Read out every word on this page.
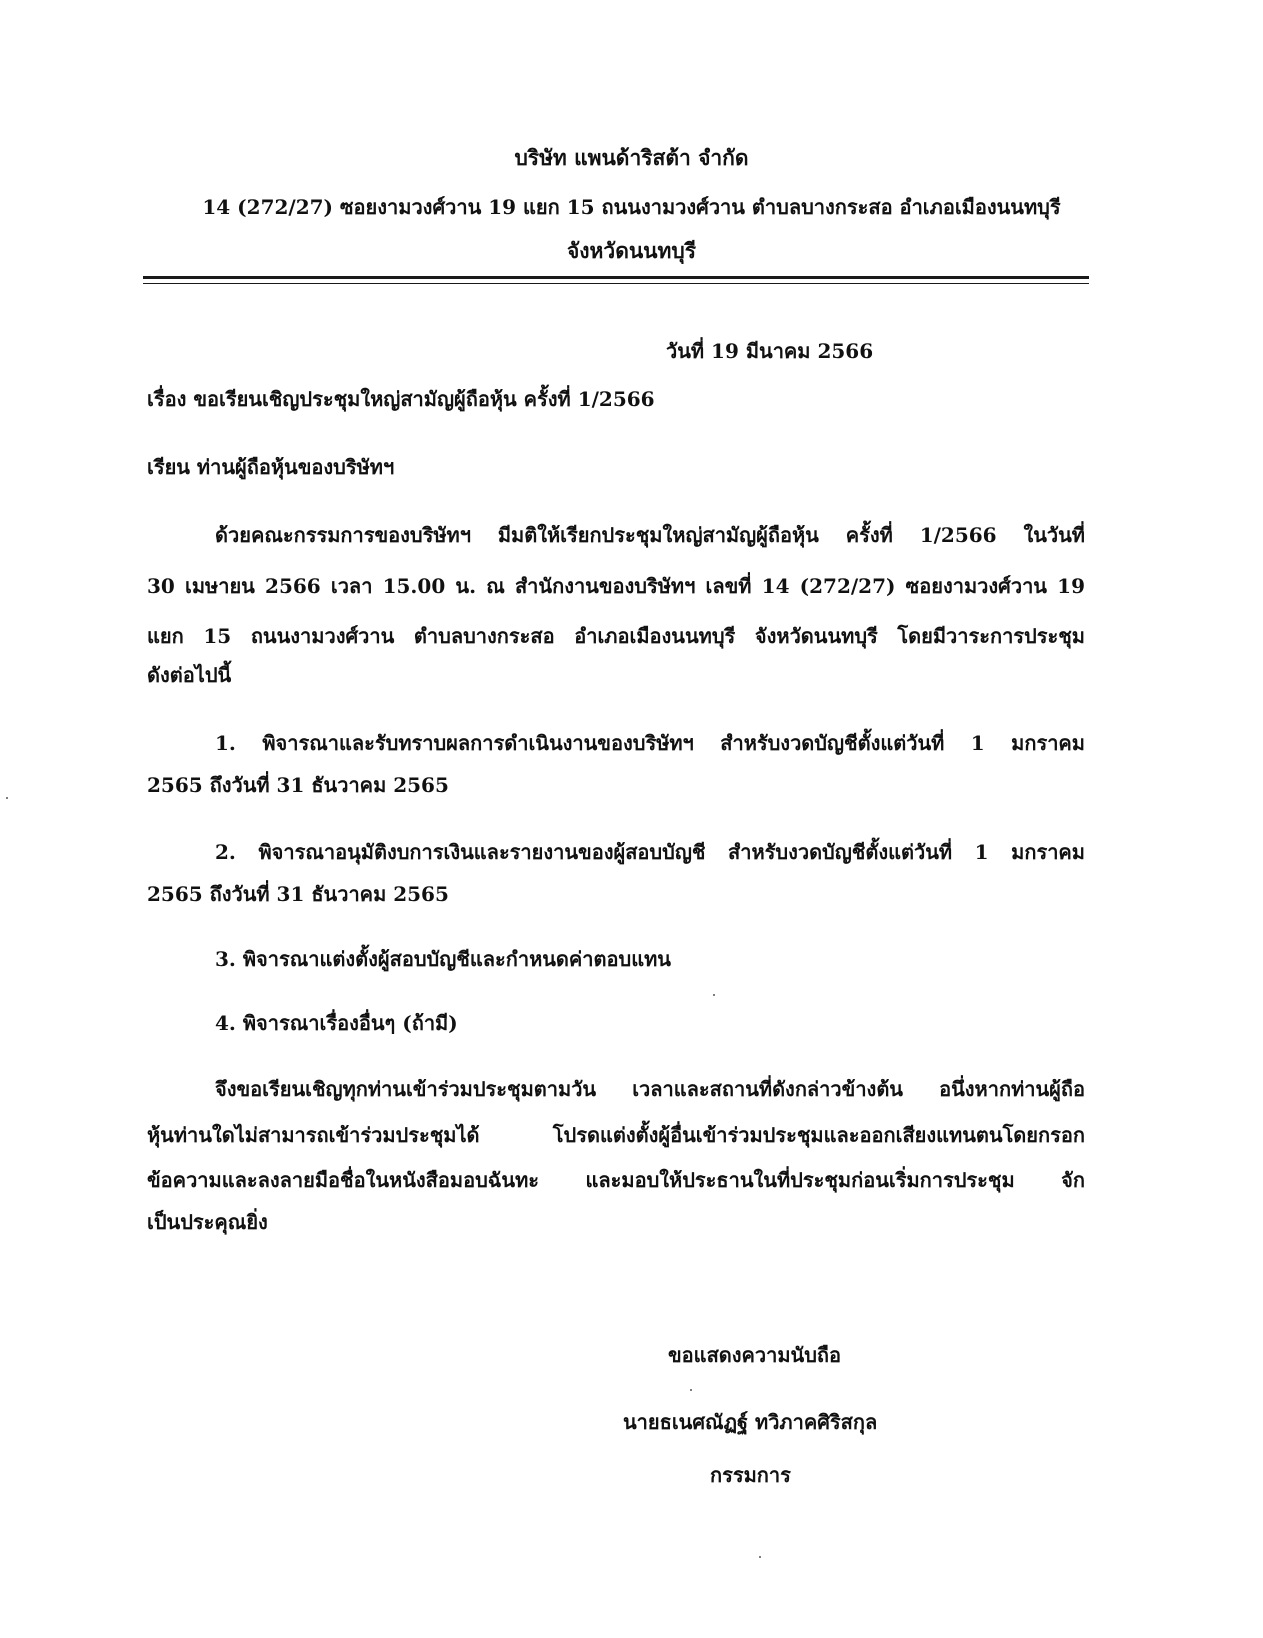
บริษัท แพนด้าริสต้า จำกัด
14 (272/27) ซอยงามวงศ์วาน 19 แยก 15 ถนนงามวงศ์วาน ตำบลบางกระสอ อำเภอเมืองนนทบุรี
จังหวัดนนทบุรี
วันที่ 19 มีนาคม 2566
เรื่อง ขอเรียนเชิญประชุมใหญ่สามัญผู้ถือหุ้น ครั้งที่ 1/2566
เรียน ท่านผู้ถือหุ้นของบริษัทฯ
ด้วยคณะกรรมการของบริษัทฯ มีมติให้เรียกประชุมใหญ่สามัญผู้ถือหุ้น ครั้งที่ 1/2566 ในวันที่
30 เมษายน 2566 เวลา 15.00 น. ณ สำนักงานของบริษัทฯ เลขที่ 14 (272/27) ซอยงามวงศ์วาน 19
แยก 15 ถนนงามวงศ์วาน ตำบลบางกระสอ อำเภอเมืองนนทบุรี จังหวัดนนทบุรี โดยมีวาระการประชุม
ดังต่อไปนี้
1. พิจารณาและรับทราบผลการดำเนินงานของบริษัทฯ สำหรับงวดบัญชีตั้งแต่วันที่ 1 มกราคม
2565 ถึงวันที่ 31 ธันวาคม 2565
2. พิจารณาอนุมัติงบการเงินและรายงานของผู้สอบบัญชี สำหรับงวดบัญชีตั้งแต่วันที่ 1 มกราคม
2565 ถึงวันที่ 31 ธันวาคม 2565
3. พิจารณาแต่งตั้งผู้สอบบัญชีและกำหนดค่าตอบแทน
4. พิจารณาเรื่องอื่นๆ (ถ้ามี)
จึงขอเรียนเชิญทุกท่านเข้าร่วมประชุมตามวัน เวลาและสถานที่ดังกล่าวข้างต้น อนึ่งหากท่านผู้ถือ
หุ้นท่านใดไม่สามารถเข้าร่วมประชุมได้ โปรดแต่งตั้งผู้อื่นเข้าร่วมประชุมและออกเสียงแทนตนโดยกรอก
ข้อความและลงลายมือชื่อในหนังสือมอบฉันทะ และมอบให้ประธานในที่ประชุมก่อนเริ่มการประชุม จัก
เป็นประคุณยิ่ง
ขอแสดงความนับถือ
นายธเนศณัฏฐ์ ทวิภาคศิริสกุล
กรรมการ
